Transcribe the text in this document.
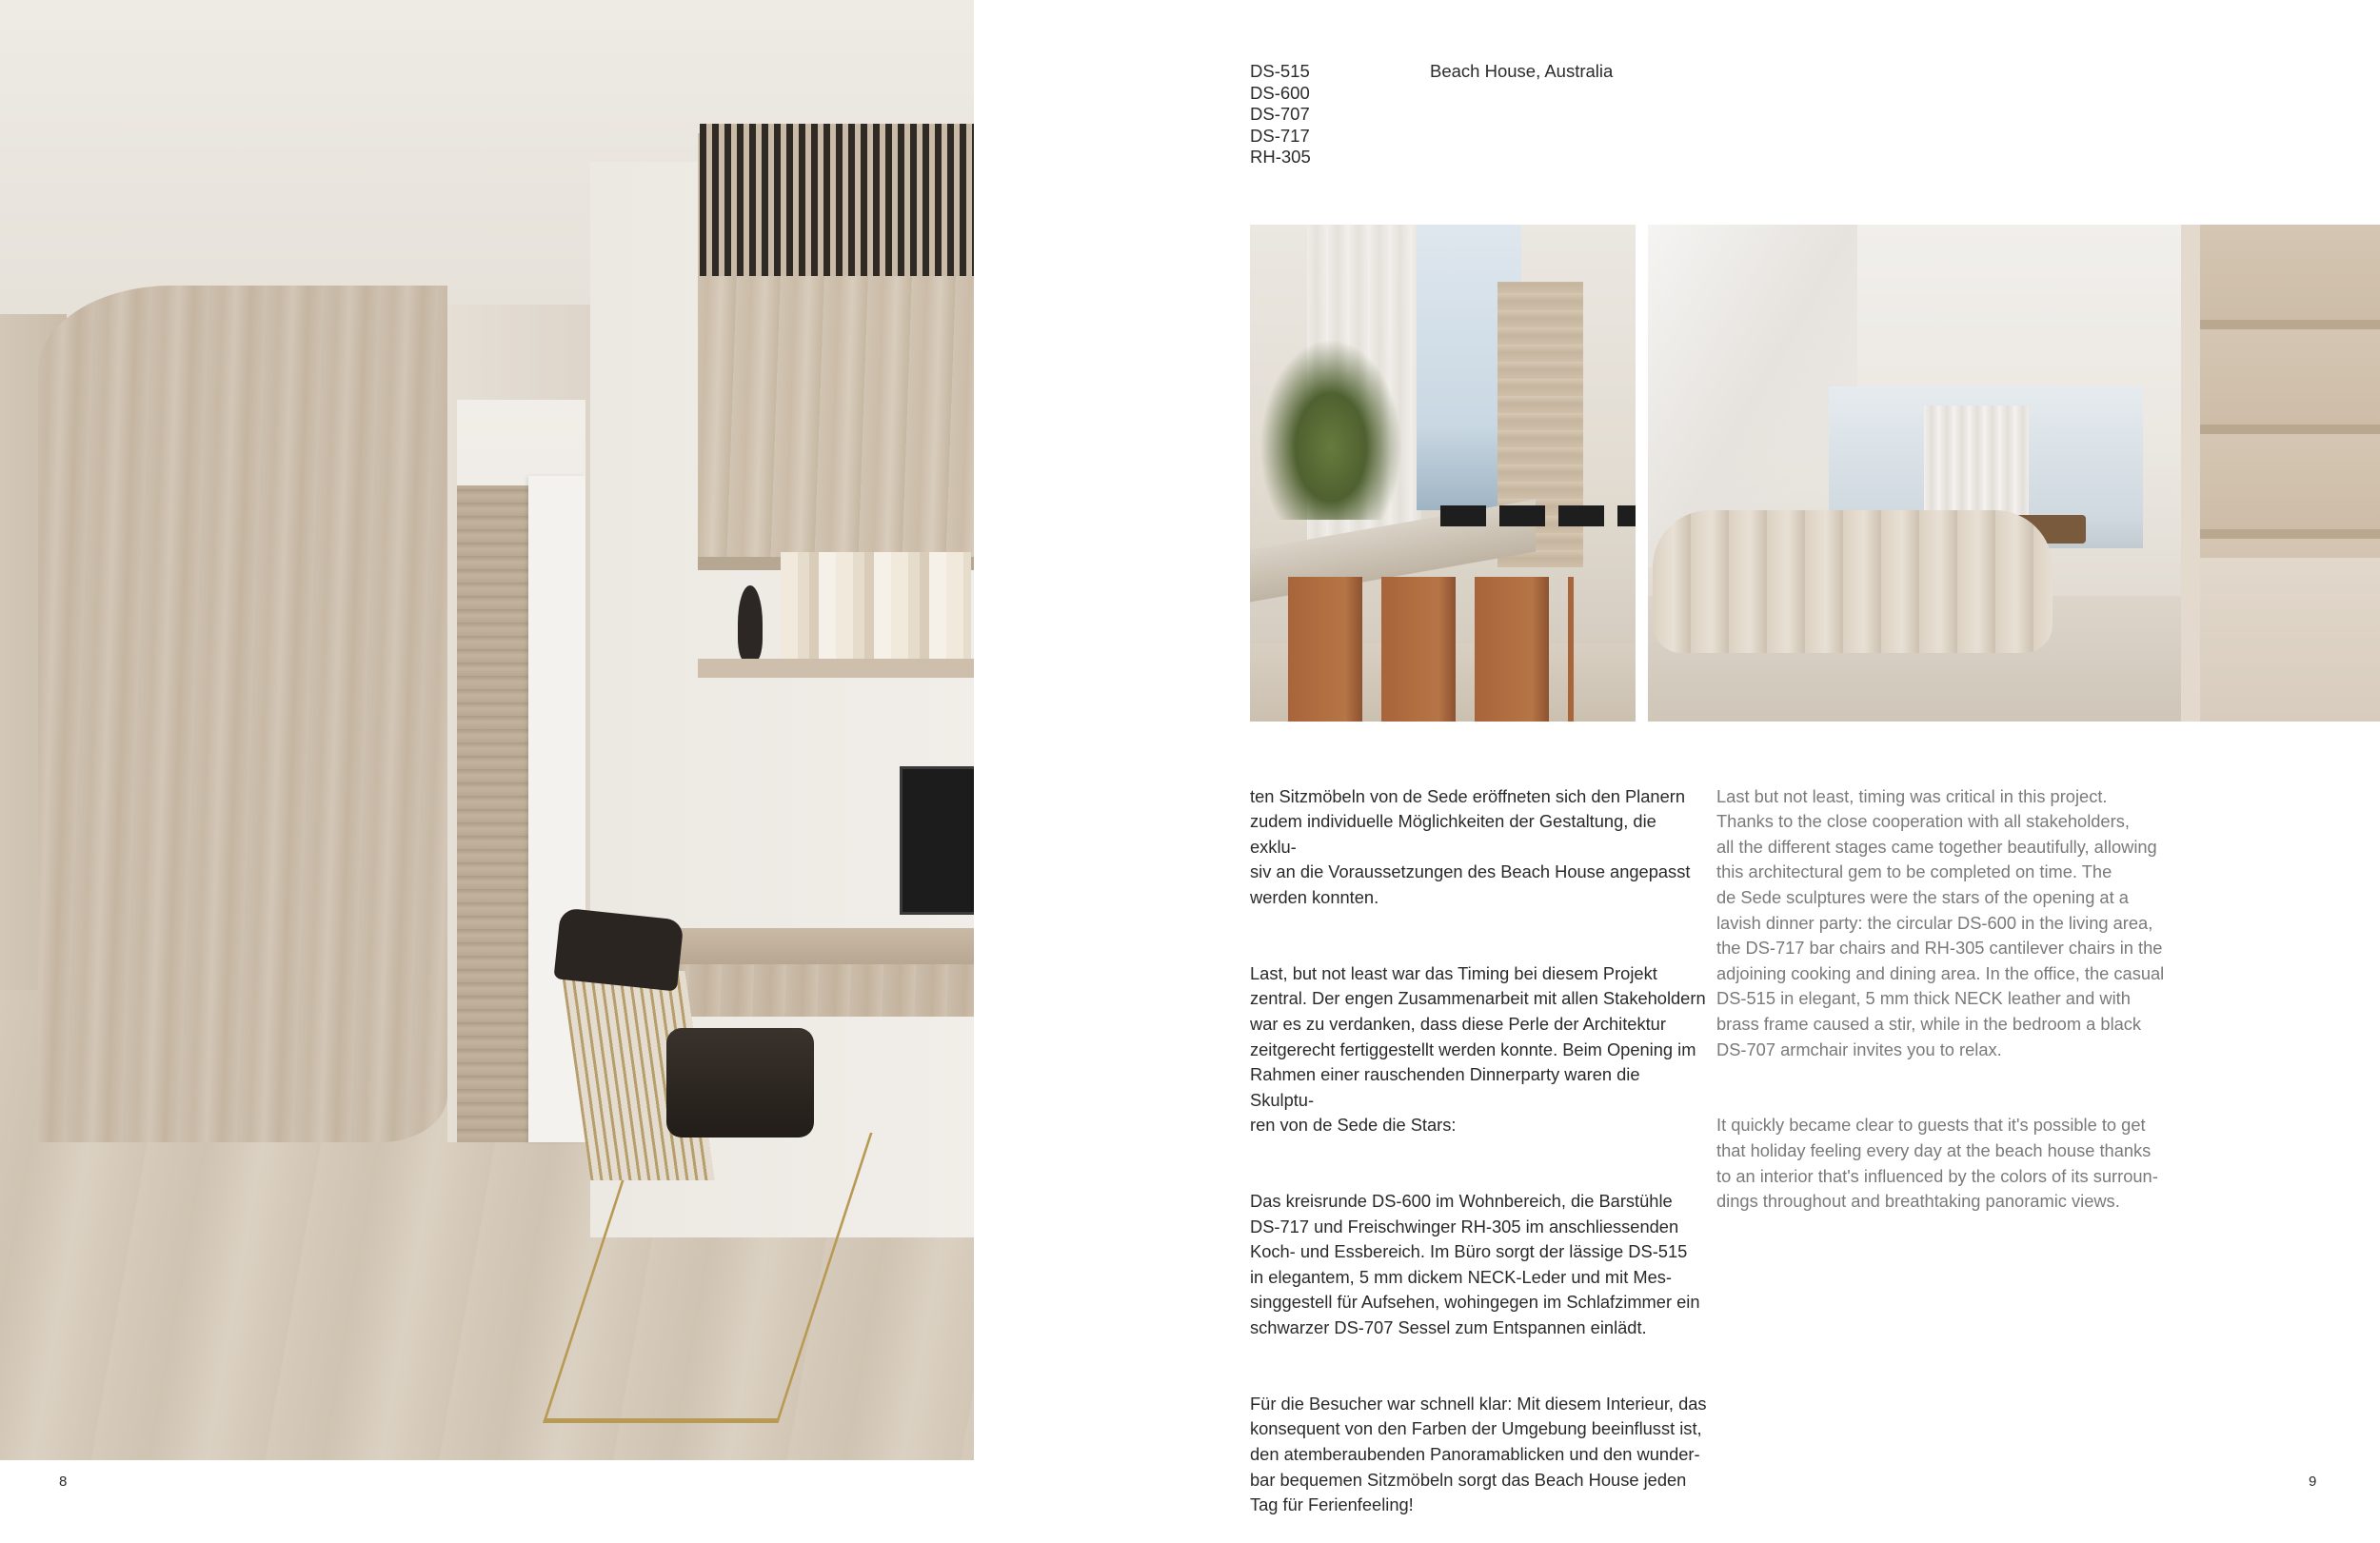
DS-515
DS-600
DS-707
DS-717
RH-305
Beach House, Australia

ten Sitzmöbeln von de Sede eröffneten sich den Planern
zudem individuelle Möglichkeiten der Gestaltung, die exklu-
siv an die Voraussetzungen des Beach House angepasst
werden konnten.

Last, but not least war das Timing bei diesem Projekt
zentral. Der engen Zusammenarbeit mit allen Stakeholdern
war es zu verdanken, dass diese Perle der Architektur
zeitgerecht fertiggestellt werden konnte. Beim Opening im
Rahmen einer rauschenden Dinnerparty waren die Skulptu-
ren von de Sede die Stars:

Das kreisrunde DS-600 im Wohnbereich, die Barstühle
DS-717 und Freischwinger RH-305 im anschliessenden
Koch- und Essbereich. Im Büro sorgt der lässige DS-515
in elegantem, 5 mm dickem NECK-Leder und mit Mes-
singgestell für Aufsehen, wohingegen im Schlafzimmer ein
schwarzer DS-707 Sessel zum Entspannen einlädt.

Für die Besucher war schnell klar: Mit diesem Interieur, das
konsequent von den Farben der Umgebung beeinflusst ist,
den atemberaubenden Panoramablicken und den wunder-
bar bequemen Sitzmöbeln sorgt das Beach House jeden
Tag für Ferienfeeling!

Last but not least, timing was critical in this project.
Thanks to the close cooperation with all stakeholders,
all the different stages came together beautifully, allowing
this architectural gem to be completed on time. The
de Sede sculptures were the stars of the opening at a
lavish dinner party: the circular DS-600 in the living area,
the DS-717 bar chairs and RH-305 cantilever chairs in the
adjoining cooking and dining area. In the office, the casual
DS-515 in elegant, 5 mm thick NECK leather and with
brass frame caused a stir, while in the bedroom a black
DS-707 armchair invites you to relax.

It quickly became clear to guests that it's possible to get
that holiday feeling every day at the beach house thanks
to an interior that's influenced by the colors of its surroun-
dings throughout and breathtaking panoramic views.

8	9
